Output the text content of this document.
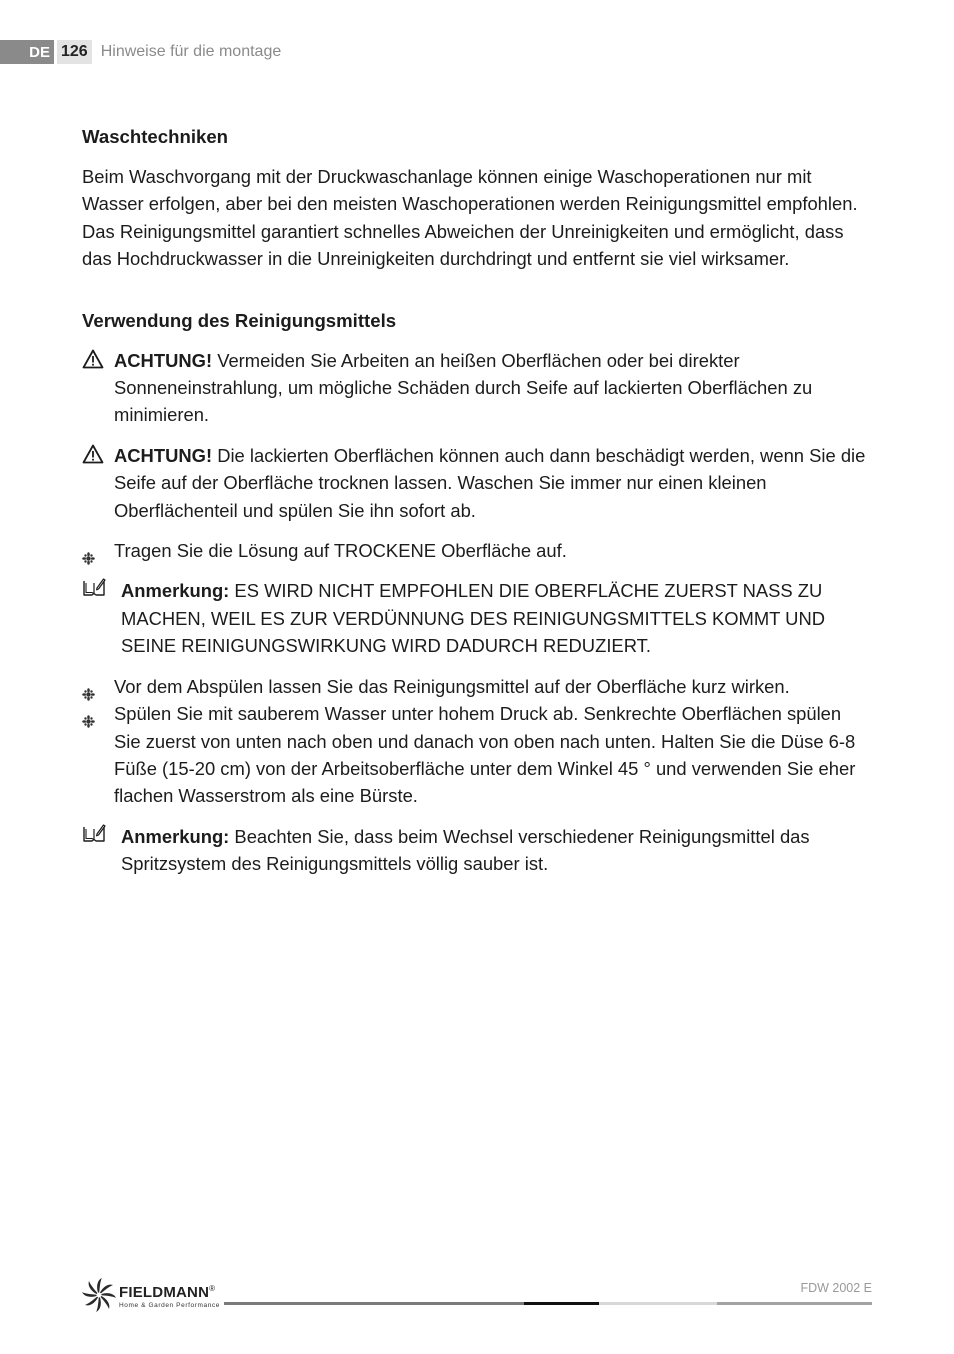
DE 126 Hinweise für die montage
Waschtechniken

Beim Waschvorgang mit der Druckwaschanlage können einige Waschoperationen nur mit Wasser erfolgen, aber bei den meisten Waschoperationen werden Reinigungsmittel empfohlen. Das Reinigungsmittel garantiert schnelles Abweichen der Unreinigkeiten und ermöglicht, dass das Hochdruckwasser in die Unreinigkeiten durchdringt und entfernt sie viel wirksamer.

Verwendung des Reinigungsmittels
ACHTUNG! Vermeiden Sie Arbeiten an heißen Oberflächen oder bei direkter Sonneneinstrahlung, um mögliche Schäden durch Seife auf lackierten Oberflächen zu minimieren.
ACHTUNG! Die lackierten Oberflächen können auch dann beschädigt werden, wenn Sie die Seife auf der Oberfläche trocknen lassen. Waschen Sie immer nur einen kleinen Oberflächenteil und spülen Sie ihn sofort ab.
Tragen Sie die Lösung auf TROCKENE Oberfläche auf.
Anmerkung: ES WIRD NICHT EMPFOHLEN DIE OBERFLÄCHE ZUERST NASS ZU MACHEN, WEIL ES ZUR VERDÜNNUNG DES REINIGUNGSMITTELS KOMMT UND SEINE REINIGUNGSWIRKUNG WIRD DADURCH REDUZIERT.
Vor dem Abspülen lassen Sie das Reinigungsmittel auf der Oberfläche kurz wirken.
Spülen Sie mit sauberem Wasser unter hohem Druck ab. Senkrechte Oberflächen spülen Sie zuerst von unten nach oben und danach von oben nach unten. Halten Sie die Düse 6-8 Füße (15-20 cm) von der Arbeitsoberfläche unter dem Winkel 45 ° und verwenden Sie eher flachen Wasserstrom als eine Bürste.
Anmerkung: Beachten Sie, dass beim Wechsel verschiedener Reinigungsmittel das Spritzsystem des Reinigungsmittels völlig sauber ist.
FIELDMANN®
Home & Garden Performance
FDW 2002 E
